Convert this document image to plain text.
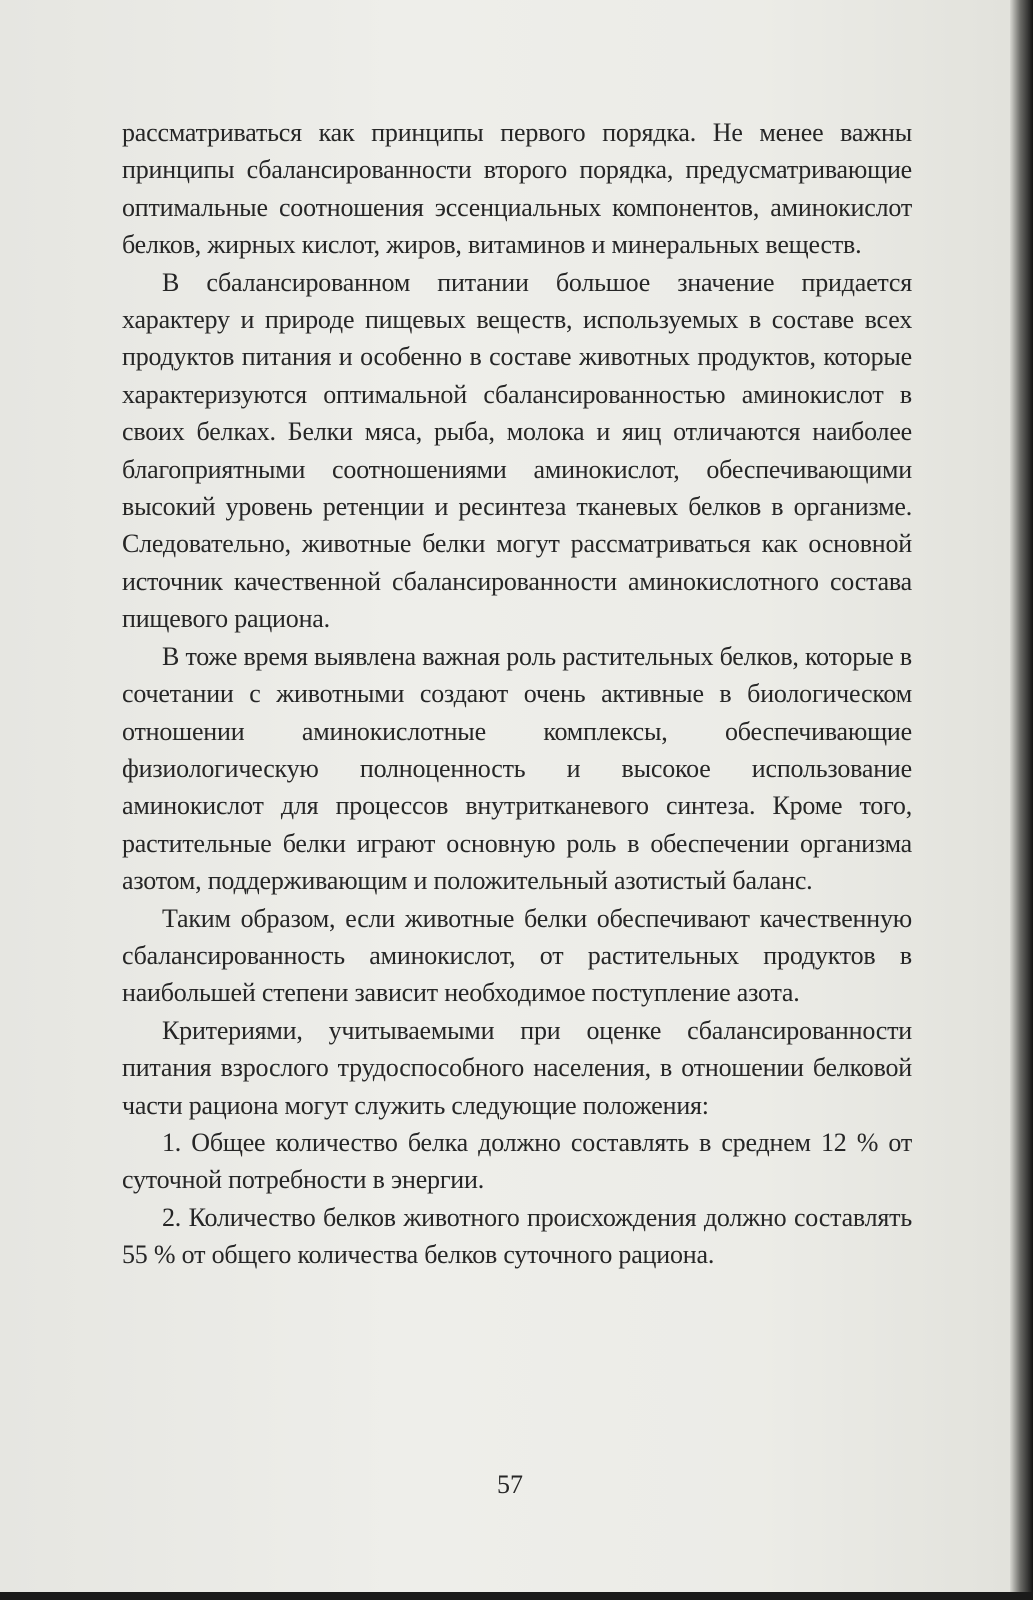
рассматриваться как принципы первого порядка. Не менее важны принципы сбалансированности второго порядка, предусматривающие оптимальные соотношения эссенциальных компонентов, аминокислот белков, жирных кислот, жиров, витаминов и минеральных веществ.

В сбалансированном питании большое значение придается характеру и природе пищевых веществ, используемых в составе всех продуктов питания и особенно в составе животных продуктов, которые характеризуются оптимальной сбалансированностью аминокислот в своих белках. Белки мяса, рыба, молока и яиц отличаются наиболее благоприятными соотношениями аминокислот, обеспечивающими высокий уровень ретенции и ресинтеза тканевых белков в организме. Следовательно, животные белки могут рассматриваться как основной источник качественной сбалансированности аминокислотного состава пищевого рациона.

В тоже время выявлена важная роль растительных белков, которые в сочетании с животными создают очень активные в биологическом отношении аминокислотные комплексы, обеспечивающие физиологическую полноценность и высокое использование аминокислот для процессов внутритканевого синтеза. Кроме того, растительные белки играют основную роль в обеспечении организма азотом, поддерживающим и положительный азотистый баланс.

Таким образом, если животные белки обеспечивают качественную сбалансированность аминокислот, от растительных продуктов в наибольшей степени зависит необходимое поступление азота.

Критериями, учитываемыми при оценке сбалансированности питания взрослого трудоспособного населения, в отношении белковой части рациона могут служить следующие положения:

1. Общее количество белка должно составлять в среднем 12 % от суточной потребности в энергии.

2. Количество белков животного происхождения должно составлять 55 % от общего количества белков суточного рациона.

57
